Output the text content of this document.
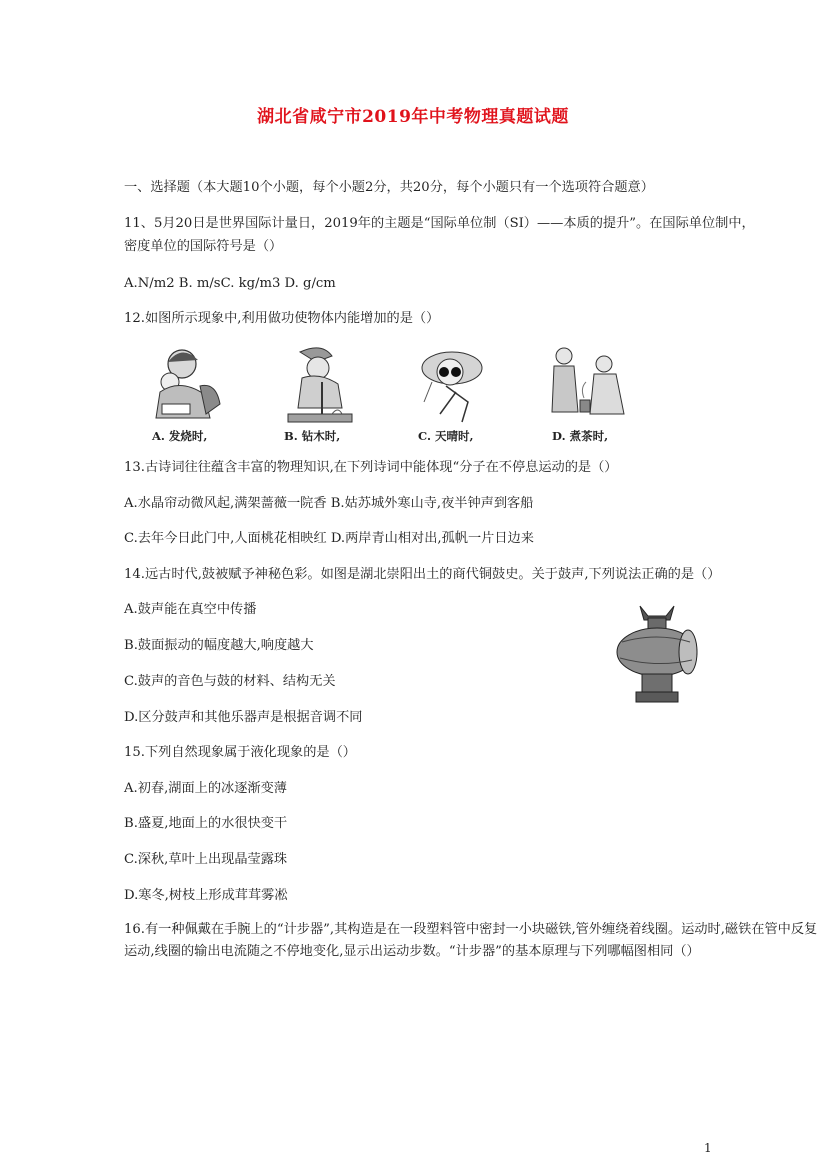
湖北省咸宁市2019年中考物理真题试题
一、选择题（本大题10个小题，每个小题2分，共20分，每个小题只有一个选项符合题意）
11、5月20日是世界国际计量日，2019年的主题是“国际单位制（SI）——本质的提升”。在国际单位制中，
密度单位的国际符号是（）
A.N/m2 B. m/sC. kg/m3 D. g/cm
12.如图所示现象中,利用做功使物体内能增加的是（）
A. 发烧时,	B. 钻木时,	C. 天晴时,	D. 煮茶时,
13.古诗词往往蕴含丰富的物理知识,在下列诗词中能体现“分子在不停息运动的是（）
A.水晶帘动微风起,满架蔷薇一院香 B.姑苏城外寒山寺,夜半钟声到客船
C.去年今日此门中,人面桃花相映红 D.两岸青山相对出,孤帆一片日边来
14.远古时代,鼓被赋予神秘色彩。如图是湖北崇阳出土的商代铜鼓史。关于鼓声,下列说法正确的是（）
A.鼓声能在真空中传播
B.鼓面振动的幅度越大,响度越大
C.鼓声的音色与鼓的材料、结构无关
D.区分鼓声和其他乐器声是根据音调不同
15.下列自然现象属于液化现象的是（）
A.初春,湖面上的冰逐渐变薄
B.盛夏,地面上的水很快变干
C.深秋,草叶上出现晶莹露珠
D.寒冬,树枝上形成茸茸雾凇
16.有一种佩戴在手腕上的“计步器”,其构造是在一段塑料管中密封一小块磁铁,管外缠绕着线圈。运动时,磁铁在管中反复运动,线圈的输出电流随之不停地变化,显示出运动步数。“计步器”的基本原理与下列哪幅图相同（）
1
